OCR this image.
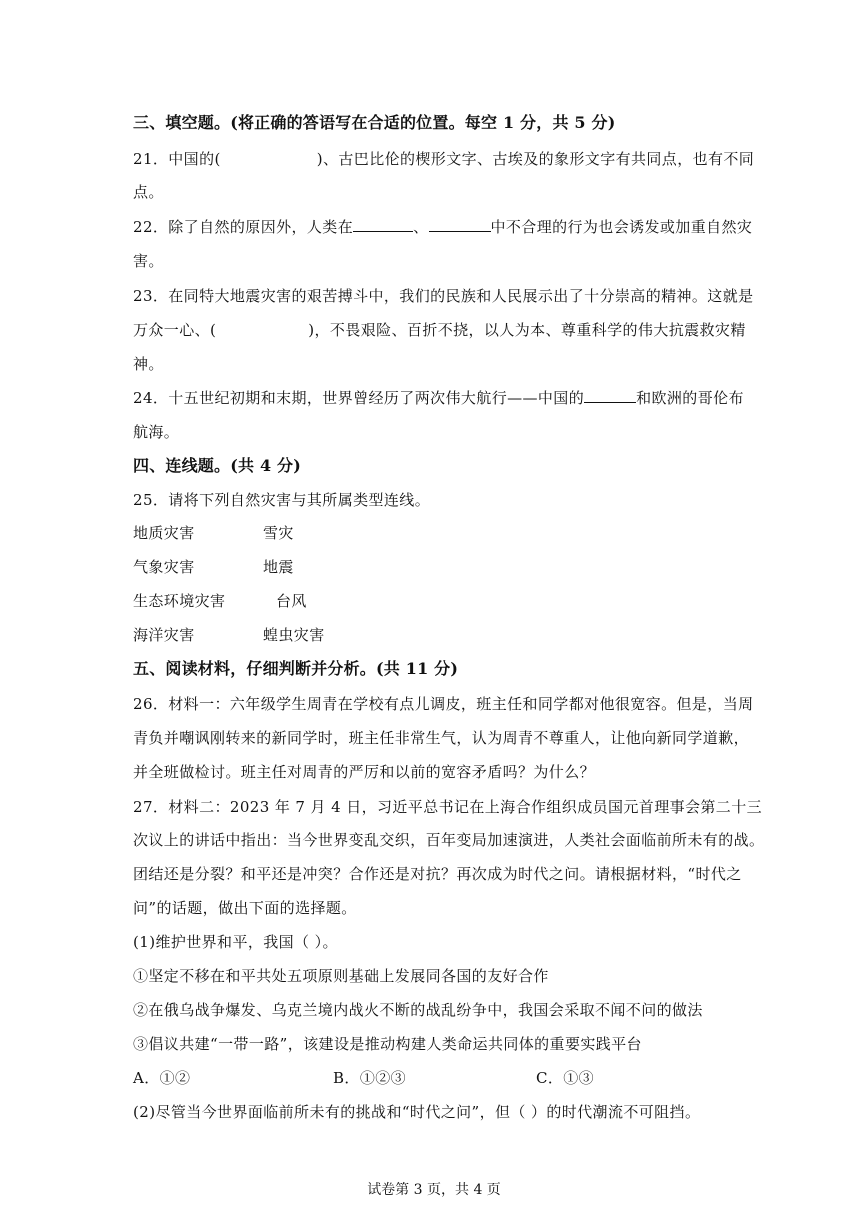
三、填空题。(将正确的答语写在合适的位置。每空 1 分，共 5 分)
21．中国的(	)、古巴比伦的楔形文字、古埃及的象形文字有共同点，也有不同
点。
22．除了自然的原因外，人类在	、	中不合理的行为也会诱发或加重自然灾
害。
23．在同特大地震灾害的艰苦搏斗中，我们的民族和人民展示出了十分崇高的精神。这就是
万众一心、(	)，不畏艰险、百折不挠，以人为本、尊重科学的伟大抗震救灾精
神。
24．十五世纪初期和末期，世界曾经历了两次伟大航行——中国的	和欧洲的哥伦布
航海。
四、连线题。(共 4 分)
25．请将下列自然灾害与其所属类型连线。
地质灾害	雪灾
气象灾害	地震
生态环境灾害	台风
海洋灾害	蝗虫灾害
五、阅读材料，仔细判断并分析。(共 11 分)
26．材料一：六年级学生周青在学校有点儿调皮，班主任和同学都对他很宽容。但是，当周
青负并嘲讽刚转来的新同学时，班主任非常生气，认为周青不尊重人，让他向新同学道歉，
并全班做检讨。班主任对周青的严厉和以前的宽容矛盾吗？为什么？
27．材料二：2023 年 7 月 4 日，习近平总书记在上海合作组织成员国元首理事会第二十三
次议上的讲话中指出：当今世界变乱交织，百年变局加速演进，人类社会面临前所未有的战。
团结还是分裂？和平还是冲突？合作还是对抗？再次成为时代之问。请根据材料，“时代之
问”的话题，做出下面的选择题。
(1)维护世界和平，我国（ ）。
①坚定不移在和平共处五项原则基础上发展同各国的友好合作
②在俄乌战争爆发、乌克兰境内战火不断的战乱纷争中，我国会采取不闻不问的做法
③倡议共建“一带一路”，该建设是推动构建人类命运共同体的重要实践平台
A．①②	B．①②③	C．①③
(2)尽管当今世界面临前所未有的挑战和“时代之问”，但（ ）的时代潮流不可阻挡。
试卷第 3 页，共 4 页
